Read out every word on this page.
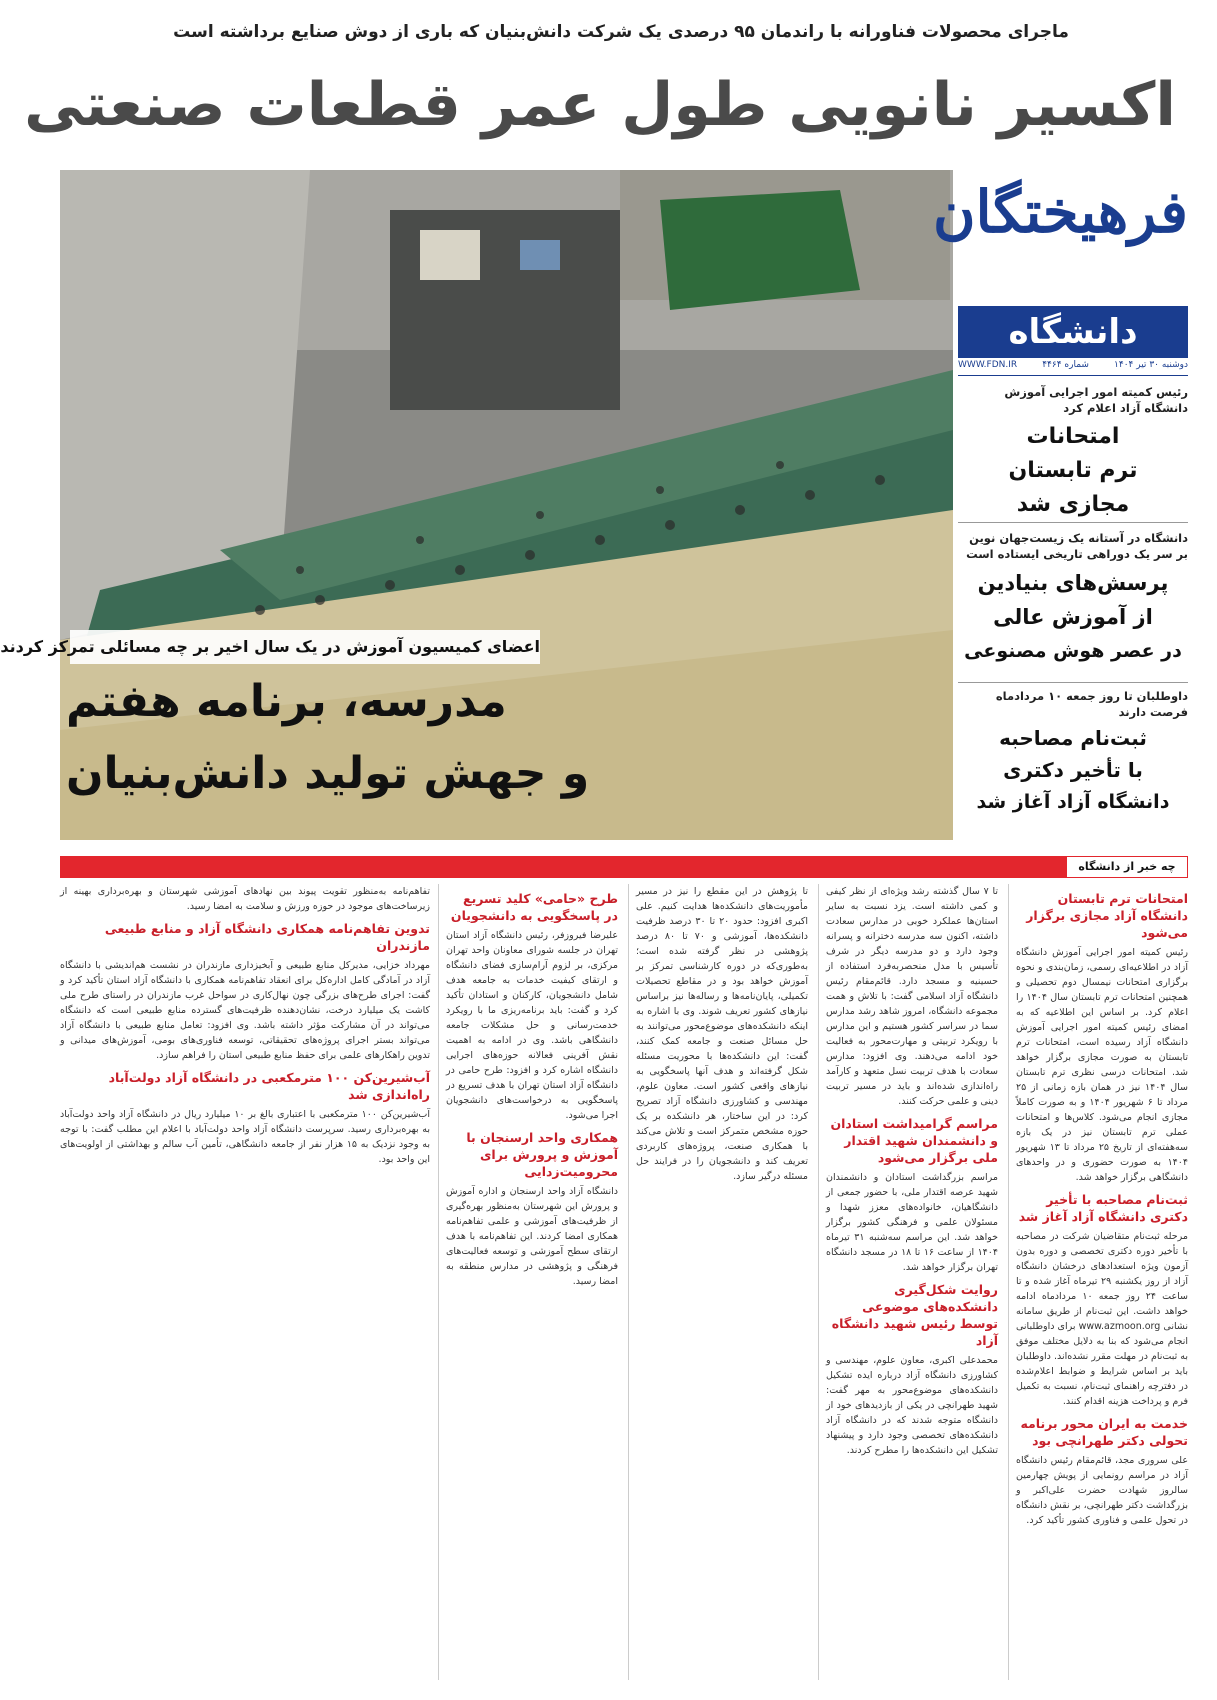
ماجرای محصولات فناورانه با راندمان ۹۵ درصدی یک شرکت دانش‌بنیان که باری از دوش صنایع برداشته است
اکسیر نانویی طول عمر قطعات صنعتی
اعضای کمیسیون آموزش در یک سال اخیر بر چه مسائلی تمرکز کردند
مدرسه، برنامه هفتم
و جهش تولید دانش‌بنیان
فرهیختگان
دانشگاه
دوشنبه ۳۰ تیر ۱۴۰۴
شماره ۴۴۶۴
WWW.FDN.IR
رئیس کمیته امور اجرایی آموزش دانشگاه آزاد اعلام کرد
امتحانات
ترم تابستان
مجازی شد
دانشگاه در آستانه یک زیست‌جهان نوین بر سر یک دوراهی تاریخی ایستاده است
پرسش‌های بنیادین
از آموزش عالی
در عصر هوش مصنوعی
داوطلبان تا روز جمعه ۱۰ مردادماه فرصت دارند
ثبت‌نام مصاحبه
با تأخیر دکتری
دانشگاه آزاد آغاز شد
چه خبر از دانشگاه
امتحانات ترم تابستان دانشگاه آزاد مجازی برگزار می‌شود

رئیس کمیته امور اجرایی آموزش دانشگاه آزاد در اطلاعیه‌ای رسمی، زمان‌بندی و نحوه برگزاری امتحانات نیمسال دوم تحصیلی و همچنین امتحانات ترم تابستان سال ۱۴۰۴ را اعلام کرد. بر اساس این اطلاعیه که به امضای رئیس کمیته امور اجرایی آموزش دانشگاه آزاد رسیده است، امتحانات ترم تابستان به صورت مجازی برگزار خواهد شد. امتحانات درسی نظری ترم تابستان سال ۱۴۰۴ نیز در همان بازه زمانی از ۲۵ مرداد تا ۶ شهریور ۱۴۰۴ و به صورت کاملاً مجازی انجام می‌شود. کلاس‌ها و امتحانات عملی ترم تابستان نیز در یک بازه سه‌هفته‌ای از تاریخ ۲۵ مرداد تا ۱۳ شهریور ۱۴۰۴ به صورت حضوری و در واحدهای دانشگاهی برگزار خواهد شد.

ثبت‌نام مصاحبه با تأخیر دکتری دانشگاه آزاد آغاز شد

مرحله ثبت‌نام متقاضیان شرکت در مصاحبه با تأخیر دوره دکتری تخصصی و دوره بدون آزمون ویژه استعدادهای درخشان دانشگاه آزاد از روز یکشنبه ۲۹ تیرماه آغاز شده و تا ساعت ۲۴ روز جمعه ۱۰ مردادماه ادامه خواهد داشت. این ثبت‌نام از طریق سامانه نشانی www.azmoon.org برای داوطلبانی انجام می‌شود که بنا به دلایل مختلف موفق به ثبت‌نام در مهلت مقرر نشده‌اند. داوطلبان باید بر اساس شرایط و ضوابط اعلام‌شده در دفترچه راهنمای ثبت‌نام، نسبت به تکمیل فرم و پرداخت هزینه اقدام کنند.

خدمت به ایران محور برنامه تحولی دکتر طهرانچی بود

علی سروری مجد، قائم‌مقام رئیس دانشگاه آزاد در مراسم رونمایی از پویش چهارمین سالروز شهادت حضرت علی‌اکبر و بزرگداشت دکتر طهرانچی، بر نقش دانشگاه در تحول علمی و فناوری کشور تأکید کرد.

تا ۷ سال گذشته رشد ویژه‌ای از نظر کیفی و کمی داشته است. یزد نسبت به سایر استان‌ها عملکرد خوبی در مدارس سعادت داشته، اکنون سه مدرسه دخترانه و پسرانه وجود دارد و دو مدرسه دیگر در شرف تأسیس با مدل منحصربه‌فرد استفاده از حسینیه و مسجد دارد. قائم‌مقام رئیس دانشگاه آزاد اسلامی گفت: با تلاش و همت مجموعه دانشگاه، امروز شاهد رشد مدارس سما در سراسر کشور هستیم و این مدارس با رویکرد تربیتی و مهارت‌محور به فعالیت خود ادامه می‌دهند. وی افزود: مدارس سعادت با هدف تربیت نسل متعهد و کارآمد راه‌اندازی شده‌اند و باید در مسیر تربیت دینی و علمی حرکت کنند.

مراسم گرامیداشت استادان و دانشمندان شهید اقتدار ملی برگزار می‌شود

مراسم بزرگداشت استادان و دانشمندان شهید عرصه اقتدار ملی، با حضور جمعی از دانشگاهیان، خانواده‌های معزز شهدا و مسئولان علمی و فرهنگی کشور برگزار خواهد شد. این مراسم سه‌شنبه ۳۱ تیرماه ۱۴۰۴ از ساعت ۱۶ تا ۱۸ در مسجد دانشگاه تهران برگزار خواهد شد.

روایت شکل‌گیری دانشکده‌های موضوعی توسط رئیس شهید دانشگاه آزاد

محمدعلی اکبری، معاون علوم، مهندسی و کشاورزی دانشگاه آزاد درباره ایده تشکیل دانشکده‌های موضوع‌محور به مهر گفت: شهید طهرانچی در یکی از بازدیدهای خود از دانشگاه متوجه شدند که در دانشگاه آزاد دانشکده‌های تخصصی وجود دارد و پیشنهاد تشکیل این دانشکده‌ها را مطرح کردند.

تا پژوهش در این مقطع را نیز در مسیر مأموریت‌های دانشکده‌ها هدایت کنیم. علی اکبری افزود: حدود ۲۰ تا ۳۰ درصد ظرفیت دانشکده‌ها، آموزشی و ۷۰ تا ۸۰ درصد پژوهشی در نظر گرفته شده است؛ به‌طوری‌که در دوره کارشناسی تمرکز بر آموزش خواهد بود و در مقاطع تحصیلات تکمیلی، پایان‌نامه‌ها و رساله‌ها نیز براساس نیازهای کشور تعریف شوند. وی با اشاره به اینکه دانشکده‌های موضوع‌محور می‌توانند به حل مسائل صنعت و جامعه کمک کنند، گفت: این دانشکده‌ها با محوریت مسئله شکل گرفته‌اند و هدف آنها پاسخگویی به نیازهای واقعی کشور است. معاون علوم، مهندسی و کشاورزی دانشگاه آزاد تصریح کرد: در این ساختار، هر دانشکده بر یک حوزه مشخص متمرکز است و تلاش می‌کند با همکاری صنعت، پروژه‌های کاربردی تعریف کند و دانشجویان را در فرایند حل مسئله درگیر سازد.

طرح «حامی» کلید تسریع در پاسخگویی به دانشجویان

علیرضا فیروزفر، رئیس دانشگاه آزاد استان تهران در جلسه شورای معاونان واحد تهران مرکزی، بر لزوم آرام‌سازی فضای دانشگاه و ارتقای کیفیت خدمات به جامعه هدف شامل دانشجویان، کارکنان و استادان تأکید کرد و گفت: باید برنامه‌ریزی ما با رویکرد خدمت‌رسانی و حل مشکلات جامعه دانشگاهی باشد. وی در ادامه به اهمیت نقش آفرینی فعالانه حوزه‌های اجرایی دانشگاه اشاره کرد و افزود: طرح حامی در دانشگاه آزاد استان تهران با هدف تسریع در پاسخگویی به درخواست‌های دانشجویان اجرا می‌شود.

همکاری واحد ارسنجان با آموزش و پرورش برای محرومیت‌زدایی

دانشگاه آزاد واحد ارسنجان و اداره آموزش و پرورش این شهرستان به‌منظور بهره‌گیری از ظرفیت‌های آموزشی و علمی تفاهم‌نامه همکاری امضا کردند. این تفاهم‌نامه با هدف ارتقای سطح آموزشی و توسعه فعالیت‌های فرهنگی و پژوهشی در مدارس منطقه به امضا رسید.

تفاهم‌نامه به‌منظور تقویت پیوند بین نهادهای آموزشی شهرستان و بهره‌برداری بهینه از زیرساخت‌های موجود در حوزه ورزش و سلامت به امضا رسید.

تدوین تفاهم‌نامه همکاری دانشگاه آزاد و منابع طبیعی مازندران

مهرداد خزایی، مدیرکل منابع طبیعی و آبخیزداری مازندران در نشست هم‌اندیشی با دانشگاه آزاد در آمادگی کامل اداره‌کل برای انعقاد تفاهم‌نامه همکاری با دانشگاه آزاد استان تأکید کرد و گفت: اجرای طرح‌های بزرگی چون نهال‌کاری در سواحل غرب مازندران در راستای طرح ملی کاشت یک میلیارد درخت، نشان‌دهنده ظرفیت‌های گسترده منابع طبیعی است که دانشگاه می‌تواند در آن مشارکت مؤثر داشته باشد. وی افزود: تعامل منابع طبیعی با دانشگاه آزاد می‌تواند بستر اجرای پروژه‌های تحقیقاتی، توسعه فناوری‌های بومی، آموزش‌های میدانی و تدوین راهکارهای علمی برای حفظ منابع طبیعی استان را فراهم سازد.

آب‌شیرین‌کن ۱۰۰ مترمکعبی در دانشگاه آزاد دولت‌آباد راه‌اندازی شد

آب‌شیرین‌کن ۱۰۰ مترمکعبی با اعتباری بالغ بر ۱۰ میلیارد ریال در دانشگاه آزاد واحد دولت‌آباد به بهره‌برداری رسید. سرپرست دانشگاه آزاد واحد دولت‌آباد با اعلام این مطلب گفت: با توجه به وجود نزدیک به ۱۵ هزار نفر از جامعه دانشگاهی، تأمین آب سالم و بهداشتی از اولویت‌های این واحد بود.
